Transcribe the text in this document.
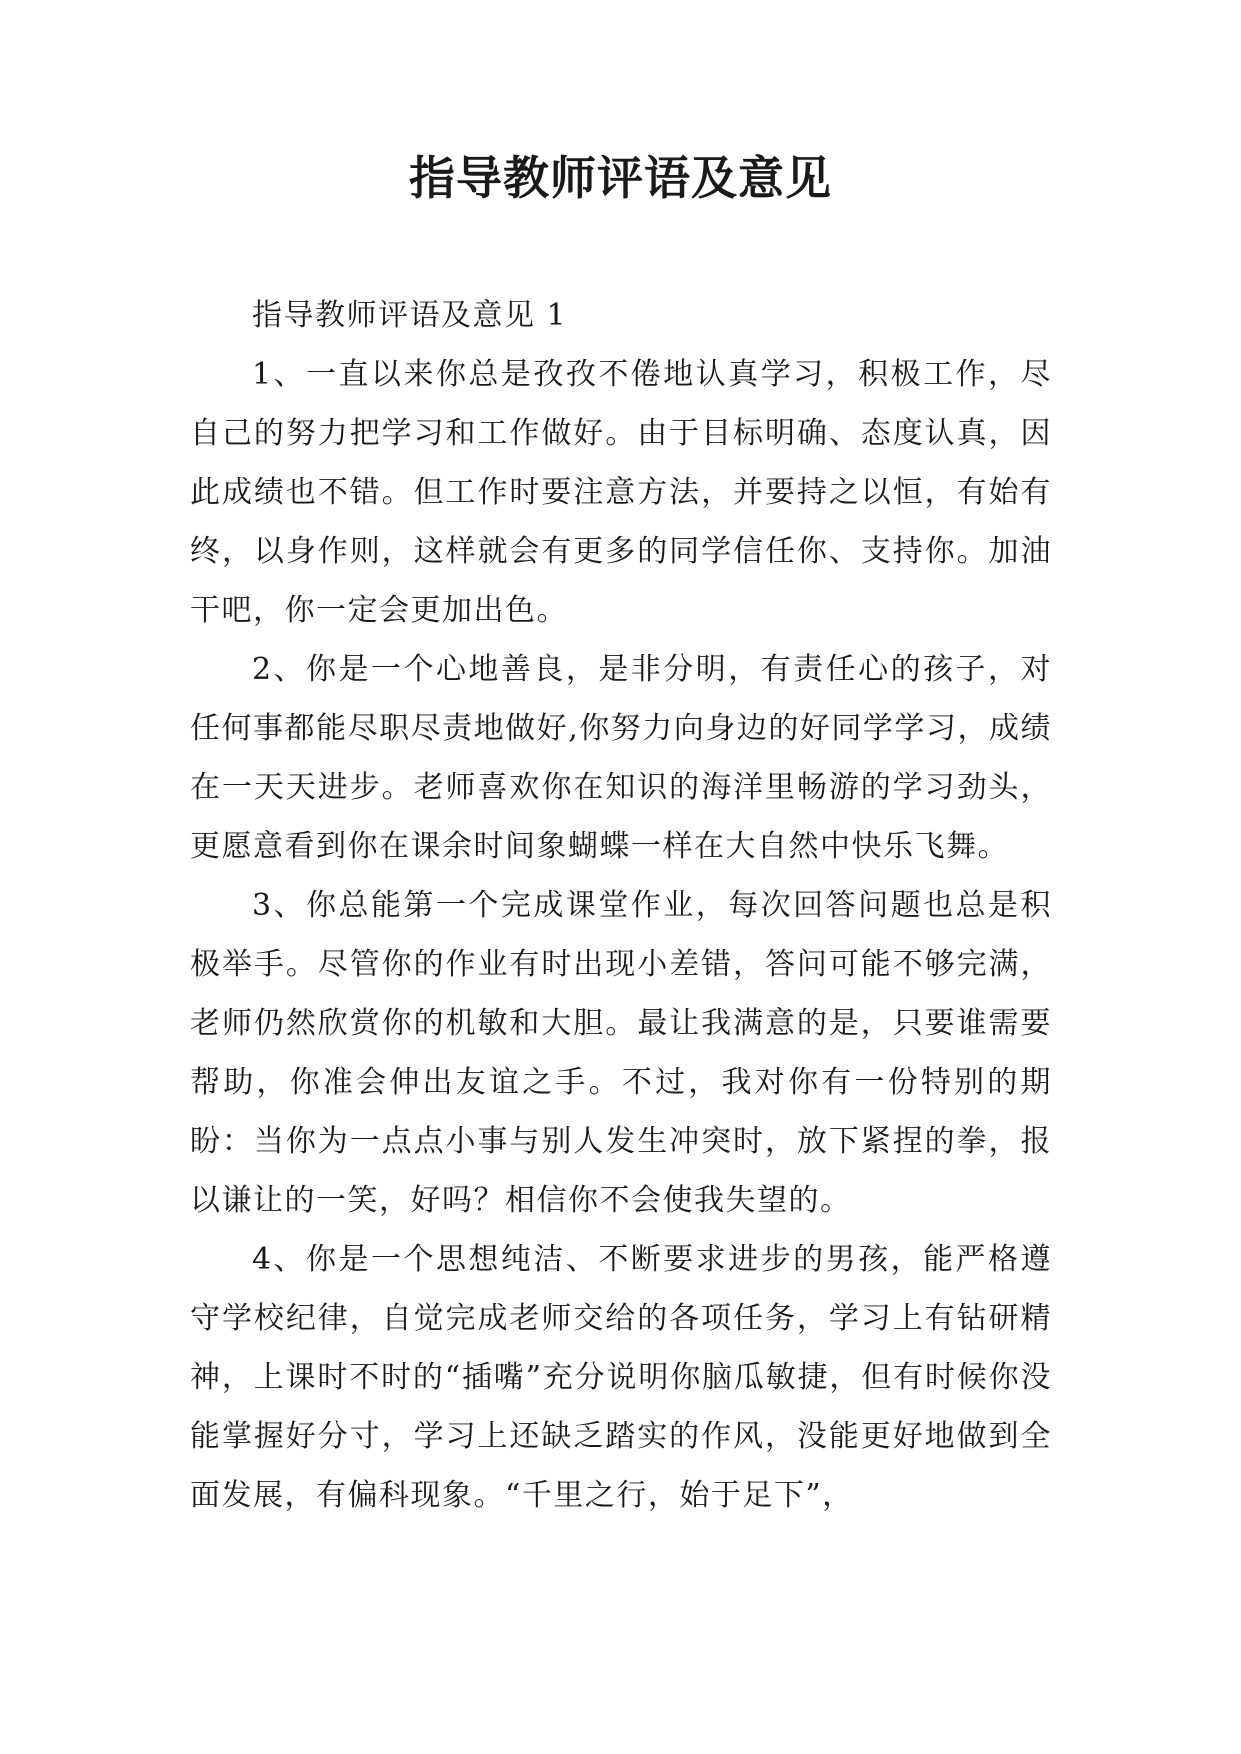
指导教师评语及意见

指导教师评语及意见 1

1、一直以来你总是孜孜不倦地认真学习，积极工作，尽自己的努力把学习和工作做好。由于目标明确、态度认真，因此成绩也不错。但工作时要注意方法，并要持之以恒，有始有终，以身作则，这样就会有更多的同学信任你、支持你。加油干吧，你一定会更加出色。

2、你是一个心地善良，是非分明，有责任心的孩子，对任何事都能尽职尽责地做好,你努力向身边的好同学学习，成绩在一天天进步。老师喜欢你在知识的海洋里畅游的学习劲头，更愿意看到你在课余时间象蝴蝶一样在大自然中快乐飞舞。

3、你总能第一个完成课堂作业，每次回答问题也总是积极举手。尽管你的作业有时出现小差错，答问可能不够完满，老师仍然欣赏你的机敏和大胆。最让我满意的是，只要谁需要帮助，你准会伸出友谊之手。不过，我对你有一份特别的期盼：当你为一点点小事与别人发生冲突时，放下紧捏的拳，报以谦让的一笑，好吗？相信你不会使我失望的。

4、你是一个思想纯洁、不断要求进步的男孩，能严格遵守学校纪律，自觉完成老师交给的各项任务，学习上有钻研精神，上课时不时的“插嘴”充分说明你脑瓜敏捷，但有时候你没能掌握好分寸，学习上还缺乏踏实的作风，没能更好地做到全面发展，有偏科现象。“千里之行，始于足下”，
